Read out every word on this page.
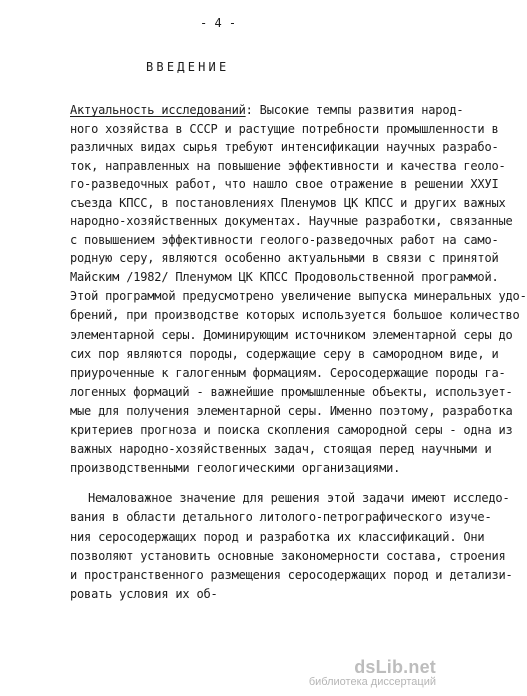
- 4 -
ВВЕДЕНИЕ
Актуальность исследований: Высокие темпы развития народ-
ного хозяйства в СССР и растущие потребности промышленности в
различных видах сырья требуют интенсификации научных разрабо-
ток, направленных на повышение эффективности и качества геоло-
го-разведочных работ, что нашло свое отражение в решении ХХУI
съезда КПСС, в постановлениях Пленумов ЦК КПСС и других важных
народно-хозяйственных документах. Научные разработки, связанные
с повышением эффективности геолого-разведочных работ на само-
родную серу, являются особенно актуальными в связи с принятой
Майским /1982/ Пленумом ЦК КПСС Продовольственной программой.
Этой программой предусмотрено увеличение выпуска минеральных удо-
брений, при производстве которых используется большое количество
элементарной серы. Доминирующим источником элементарной серы до
сих пор являются породы, содержащие серу в самородном виде, и
приуроченные к галогенным формациям. Серосодержащие породы га-
логенных формаций - важнейшие промышленные объекты, использует-
мые для получения элементарной серы. Именно поэтому, разработка
критериев прогноза и поиска скопления самородной серы - одна из
важных народно-хозяйственных задач, стоящая перед научными и
производственными геологическими организациями.
Немаловажное значение для решения этой задачи имеют исследо-
вания в области детального литолого-петрографического изуче-
ния серосодержащих пород и разработка их классификаций. Они
позволяют установить основные закономерности состава, строения
и пространственного размещения серосодержащих пород и детализи-
ровать условия их об-
dsLib.net
библиотека диссертаций
